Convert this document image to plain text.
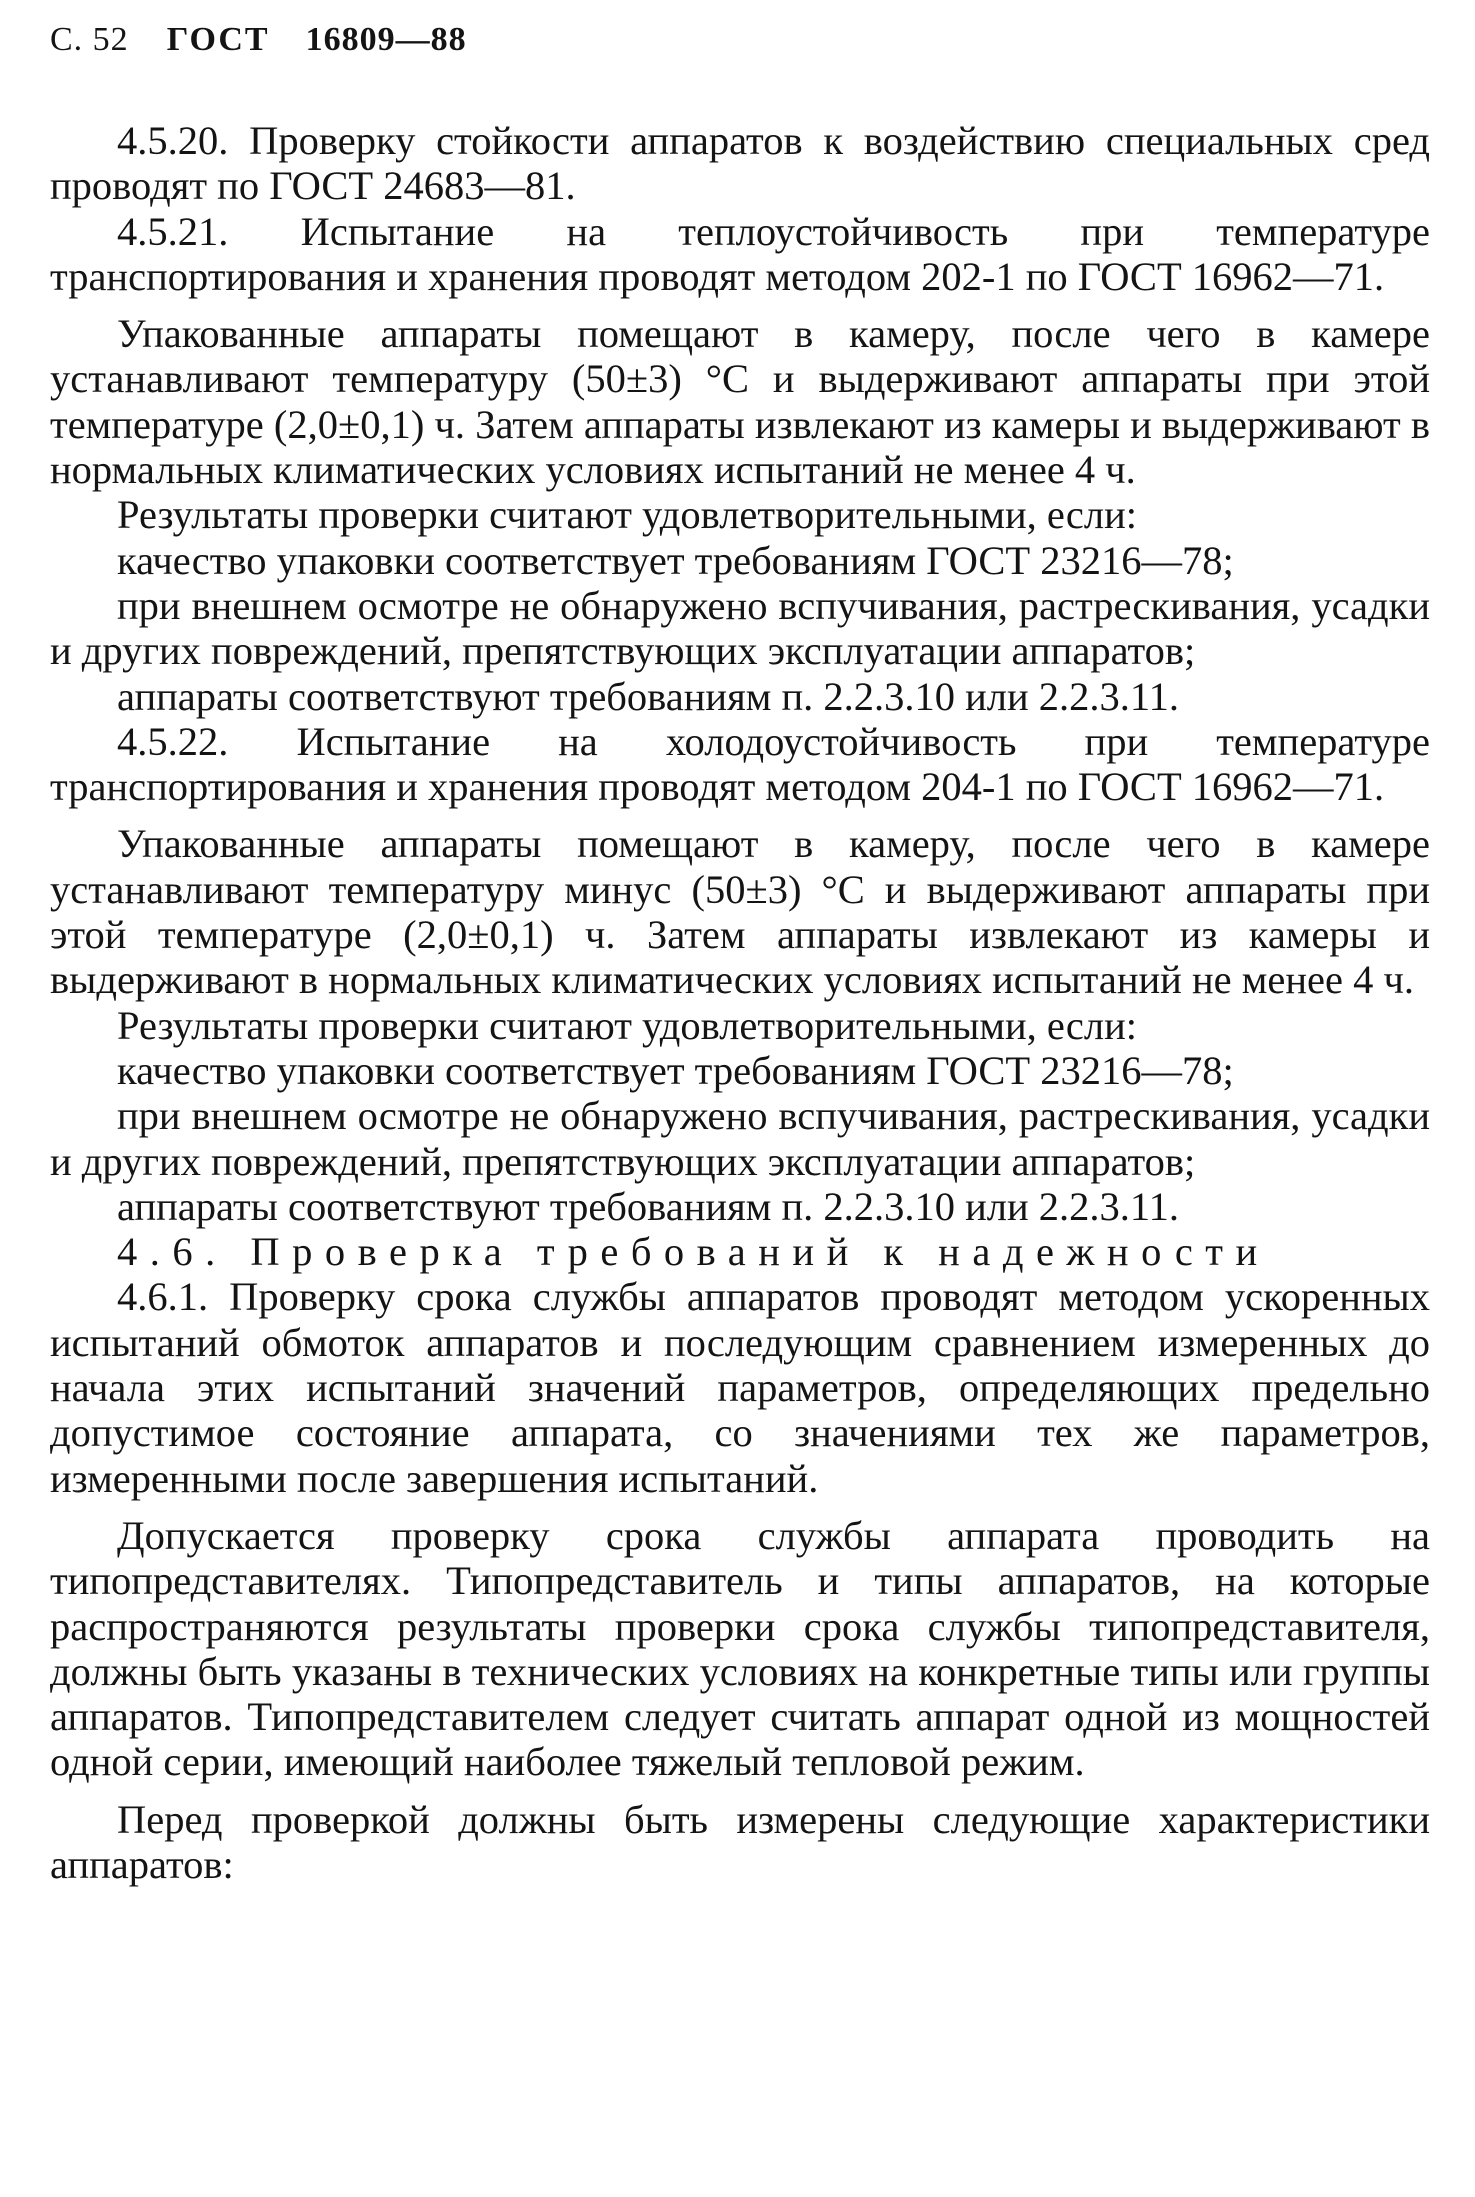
С. 52 ГОСТ 16809—88

4.5.20. Проверку стойкости аппаратов к воздействию специальных сред проводят по ГОСТ 24683—81.

4.5.21. Испытание на теплоустойчивость при температуре транспортирования и хранения проводят методом 202-1 по ГОСТ 16962—71.

Упакованные аппараты помещают в камеру, после чего в камере устанавливают температуру (50±3) °С и выдерживают аппараты при этой температуре (2,0±0,1) ч. Затем аппараты извлекают из камеры и выдерживают в нормальных климатических условиях испытаний не менее 4 ч.

Результаты проверки считают удовлетворительными, если:

качество упаковки соответствует требованиям ГОСТ 23216—78;

при внешнем осмотре не обнаружено вспучивания, растрескивания, усадки и других повреждений, препятствующих эксплуатации аппаратов;

аппараты соответствуют требованиям п. 2.2.3.10 или 2.2.3.11.

4.5.22. Испытание на холодоустойчивость при температуре транспортирования и хранения проводят методом 204-1 по ГОСТ 16962—71.

Упакованные аппараты помещают в камеру, после чего в камере устанавливают температуру минус (50±3) °С и выдерживают аппараты при этой температуре (2,0±0,1) ч. Затем аппараты извлекают из камеры и выдерживают в нормальных климатических условиях испытаний не менее 4 ч.

Результаты проверки считают удовлетворительными, если:

качество упаковки соответствует требованиям ГОСТ 23216—78;

при внешнем осмотре не обнаружено вспучивания, растрескивания, усадки и других повреждений, препятствующих эксплуатации аппаратов;

аппараты соответствуют требованиям п. 2.2.3.10 или 2.2.3.11.

4.6. Проверка требований к надежности

4.6.1. Проверку срока службы аппаратов проводят методом ускоренных испытаний обмоток аппаратов и последующим сравнением измеренных до начала этих испытаний значений параметров, определяющих предельно допустимое состояние аппарата, со значениями тех же параметров, измеренными после завершения испытаний.

Допускается проверку срока службы аппарата проводить на типопредставителях. Типопредставитель и типы аппаратов, на которые распространяются результаты проверки срока службы типопредставителя, должны быть указаны в технических условиях на конкретные типы или группы аппаратов. Типопредставителем следует считать аппарат одной из мощностей одной серии, имеющий наиболее тяжелый тепловой режим.

Перед проверкой должны быть измерены следующие характеристики аппаратов:
